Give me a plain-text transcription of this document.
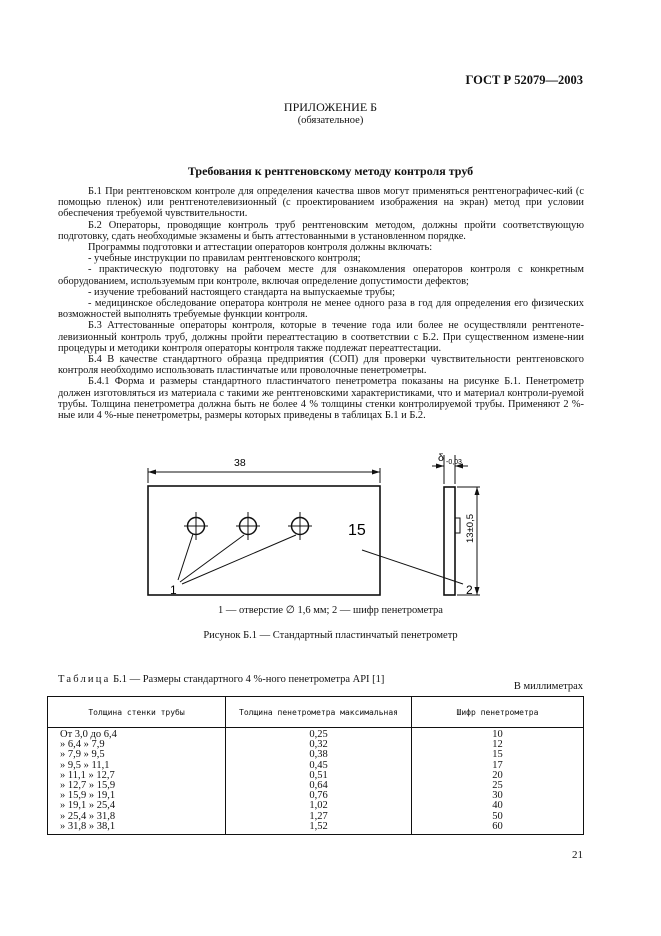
ГОСТ Р 52079—2003
ПРИЛОЖЕНИЕ Б
(обязательное)
Требования к рентгеновскому методу контроля труб

Б.1 При рентгеновском контроле для определения качества швов могут применяться рентгенографичес-кий (с помощью пленок) или рентгенотелевизионный (с проектированием изображения на экран) метод при условии обеспечения требуемой чувствительности.

Б.2 Операторы, проводящие контроль труб рентгеновским методом, должны пройти соответствующую подготовку, сдать необходимые экзамены и быть аттестованными в установленном порядке.

Программы подготовки и аттестации операторов контроля должны включать:

- учебные инструкции по правилам рентгеновского контроля;

- практическую подготовку на рабочем месте для ознакомления операторов контроля с конкретным оборудованием, используемым при контроле, включая определение допустимости дефектов;

- изучение требований настоящего стандарта на выпускаемые трубы;

- медицинское обследование оператора контроля не менее одного раза в год для определения его физических возможностей выполнять требуемые функции контроля.

Б.3 Аттестованные операторы контроля, которые в течение года или более не осуществляли рентгеноте-левизионный контроль труб, должны пройти переаттестацию в соответствии с Б.2. При существенном измене-нии процедуры и методики контроля операторы контроля также подлежат переаттестации.

Б.4 В качестве стандартного образца предприятия (СОП) для проверки чувствительности рентгеновского контроля необходимо использовать пластинчатые или проволочные пенетрометры.

Б.4.1 Форма и размеры стандартного пластинчатого пенетрометра показаны на рисунке Б.1. Пенетрометр должен изготовляться из материала с такими же рентгеновскими характеристиками, что и материал контроли-руемой трубы. Толщина пенетрометра должна быть не более 4 % толщины стенки контролируемой трубы. Применяют 2 %-ные или 4 %-ные пенетрометры, размеры которых приведены в таблицах Б.1 и Б.2.

38
15
δ -0,03
13±0,5
1	2
1 — отверстие ∅ 1,6 мм; 2 — шифр пенетрометра
Рисунок Б.1 — Стандартный пластинчатый пенетрометр
Таблица Б.1 — Размеры стандартного 4 %-ного пенетрометра API [1]
В миллиметрах
Толщина стенки трубы	Толщина пенетрометра максимальная	Шифр пенетрометра
От 3,0 до 6,4	0,25	10
» 6,4 » 7,9	0,32	12
» 7,9 » 9,5	0,38	15
» 9,5 » 11,1	0,45	17
» 11,1 » 12,7	0,51	20
» 12,7 » 15,9	0,64	25
» 15,9 » 19,1	0,76	30
» 19,1 » 25,4	1,02	40
» 25,4 » 31,8	1,27	50
» 31,8 » 38,1	1,52	60
21
